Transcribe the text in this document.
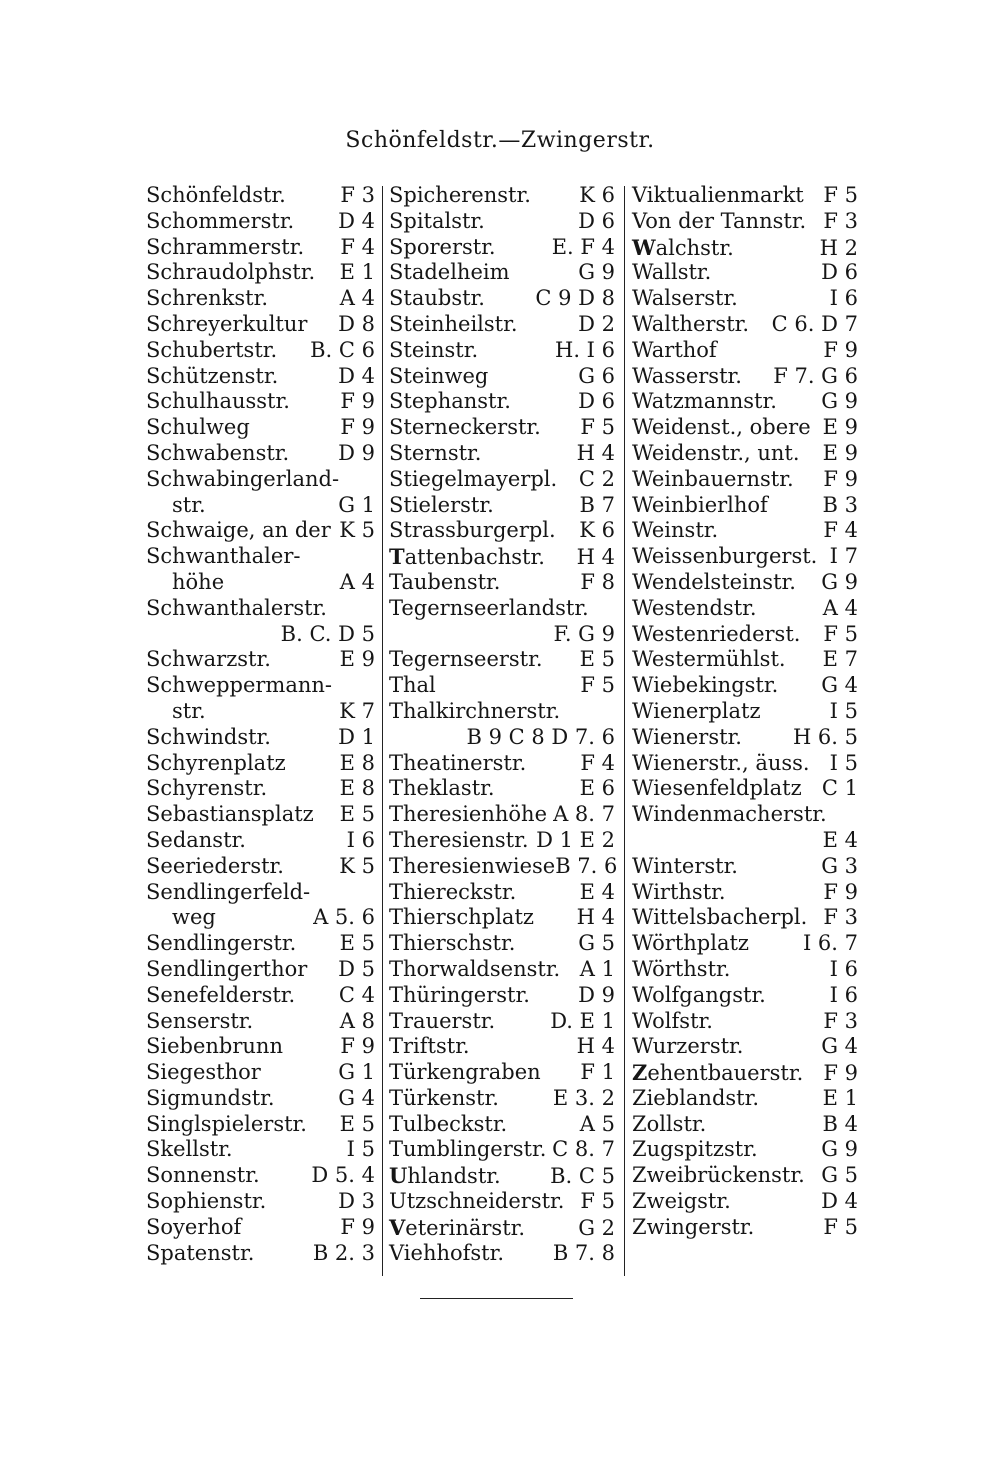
Schönfeldstr.—Zwingerstr.
Schönfeldstr.	F 3
Schommerstr. D 4
Schrammerstr. F 4
Schraudolphstr. E 1
Schrenkstr.	A 4
Schreyerkultur D 8
Schubertstr. B. C 6
Schützenstr.	D 4
Schulhausstr. F 9
Schulweg	F 9
Schwabenstr. D 9
Schwabingerland-
str.	G 1
Schwaige, an der K 5
Schwanthaler-
höhe	A 4
Schwanthalerstr.
B. C. D 5
Schwarzstr.	E 9
Schweppermann-
str.	K 7
Schwindstr.	D 1
Schyrenplatz	E 8
Schyrenstr.	E 8
Sebastiansplatz E 5
Sedanstr.	I 6
Seeriederstr.	K 5
Sendlingerfeld-
weg	A 5. 6
Sendlingerstr. E 5
Sendlingerthor D 5
Senefelderstr. C 4
Senserstr.	A 8
Siebenbrunn	F 9
Siegesthor	G 1
Sigmundstr.	G 4
Singlspielerstr. E 5
Skellstr.	I 5
Sonnenstr. D 5. 4
Sophienstr.	D 3
Soyerhof	F 9
Spatenstr.	B 2. 3
Spicherenstr. K 6
Spitalstr.	D 6
Sporerstr.	E. F 4
Stadelheim	G 9
Staubstr. C 9 D 8
Steinheilstr.	D 2
Steinstr.	H. I 6
Steinweg	G 6
Stephanstr.	D 6
Sterneckerstr. F 5
Sternstr.	H 4
Stiegelmayerpl. C 2
Stielerstr.	B 7
Strassburgerpl. K 6
Tattenbachstr. H 4
Taubenstr.	F 8
Tegernseerlandstr.
F. G 9
Tegernseerstr. E 5
Thal	F 5
Thalkirchnerstr.
B 9 C 8 D 7. 6
Theatinerstr.	F 4
Theklastr.	E 6
Theresienhöhe A 8. 7
Theresienstr. D 1 E 2
Theresienwiese B 7. 6
Thiereckstr.	E 4
Thierschplatz H 4
Thierschstr.	G 5
Thorwaldsenstr. A 1
Thüringerstr. D 9
Trauerstr.	D. E 1
Triftstr.	H 4
Türkengraben F 1
Türkenstr.	E 3. 2
Tulbeckstr.	A 5
Tumblingerstr. C 8. 7
Uhlandstr. B. C 5
Utzschneiderstr. F 5
Veterinärstr.	G 2
Viehhofstr. B 7. 8
Viktualienmarkt F 5
Von der Tannstr. F 3
Walchstr.	H 2
Wallstr.	D 6
Walserstr.	I 6
Waltherstr. C 6. D 7
Warthof	F 9
Wasserstr. F 7. G 6
Watzmannstr. G 9
Weidenst., obere E 9
Weidenstr., unt. E 9
Weinbauernstr. F 9
Weinbierlhof	B 3
Weinstr.	F 4
Weissenburgerst. I 7
Wendelsteinstr. G 9
Westendstr.	A 4
Westenriederst. F 5
Westermühlst. E 7
Wiebekingstr. G 4
Wienerplatz	I 5
Wienerstr. H 6. 5
Wienerstr., äuss. I 5
Wiesenfeldplatz C 1
Windenmacherstr.
E 4
Winterstr.	G 3
Wirthstr.	F 9
Wittelsbacherpl. F 3
Wörthplatz	I 6. 7
Wörthstr.	I 6
Wolfgangstr.	I 6
Wolfstr.	F 3
Wurzerstr.	G 4
Zehentbauerstr. F 9
Zieblandstr.	E 1
Zollstr.	B 4
Zugspitzstr.	G 9
Zweibrückenstr. G 5
Zweigstr.	D 4
Zwingerstr.	F 5
